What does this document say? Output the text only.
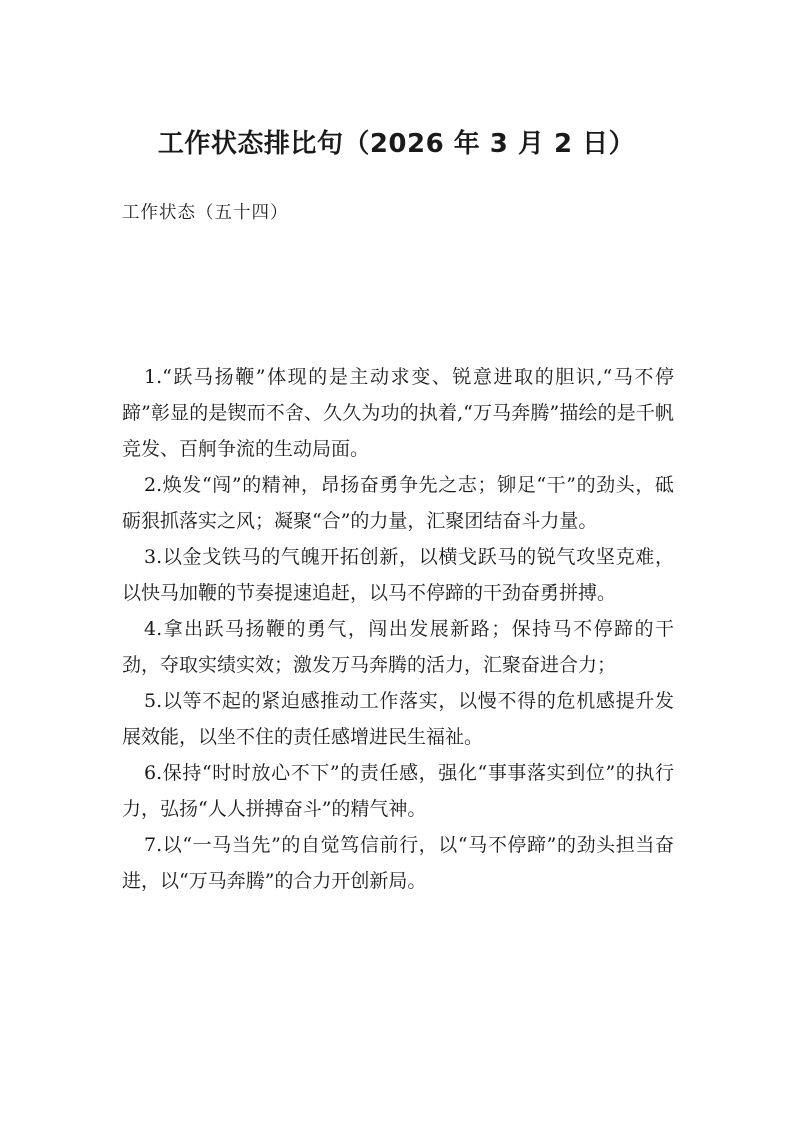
工作状态排比句（2026 年 3 月 2 日）
工作状态（五十四）

1.“跃马扬鞭”体现的是主动求变、锐意进取的胆识,“马不停蹄”彰显的是锲而不舍、久久为功的执着,“万马奔腾”描绘的是千帆竞发、百舸争流的生动局面。

2.焕发“闯”的精神，昂扬奋勇争先之志；铆足“干”的劲头，砥砺狠抓落实之风；凝聚“合”的力量，汇聚团结奋斗力量。

3.以金戈铁马的气魄开拓创新，以横戈跃马的锐气攻坚克难，以快马加鞭的节奏提速追赶，以马不停蹄的干劲奋勇拼搏。

4.拿出跃马扬鞭的勇气，闯出发展新路；保持马不停蹄的干劲，夺取实绩实效；激发万马奔腾的活力，汇聚奋进合力；

5.以等不起的紧迫感推动工作落实，以慢不得的危机感提升发展效能，以坐不住的责任感增进民生福祉。

6.保持“时时放心不下”的责任感，强化“事事落实到位”的执行力，弘扬“人人拼搏奋斗”的精气神。

7.以“一马当先”的自觉笃信前行，以“马不停蹄”的劲头担当奋进，以“万马奔腾”的合力开创新局。
